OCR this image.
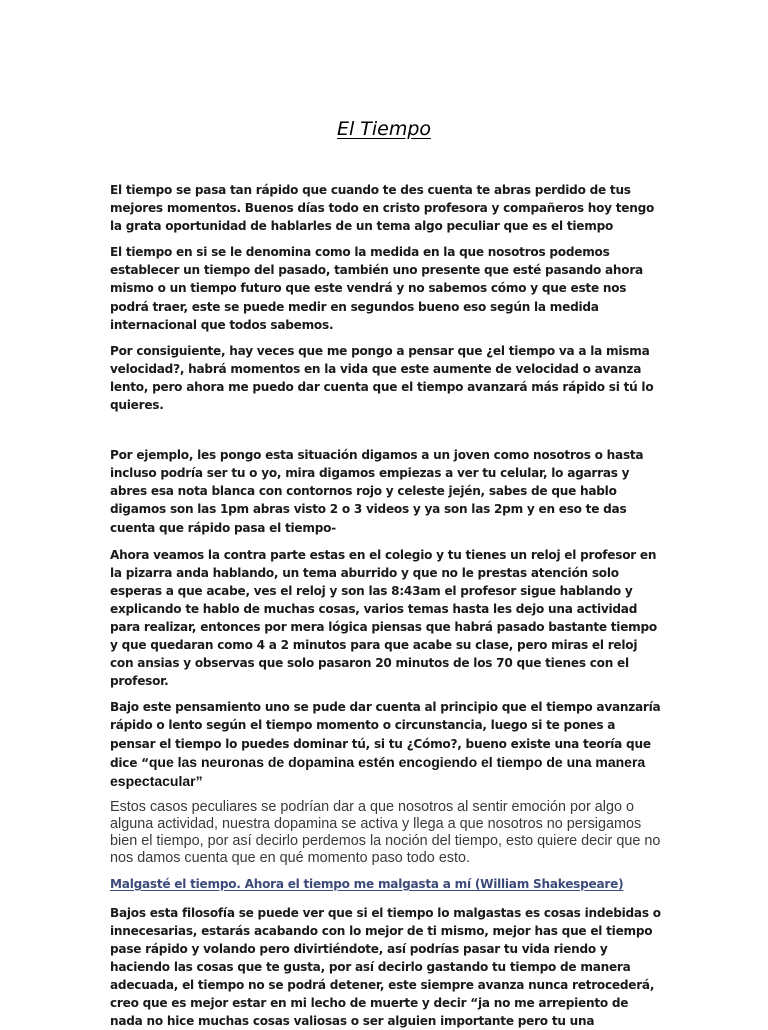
El Tiempo

El tiempo se pasa tan rápido que cuando te des cuenta te abras perdido de tus mejores momentos. Buenos días todo en cristo profesora y compañeros hoy tengo la grata oportunidad de hablarles de un tema algo peculiar que es el tiempo

El tiempo en si se le denomina como la medida en la que nosotros podemos establecer un tiempo del pasado, también uno presente que esté pasando ahora mismo o un tiempo futuro que este vendrá y no sabemos cómo y que este nos podrá traer, este se puede medir en segundos bueno eso según la medida internacional que todos sabemos.

Por consiguiente, hay veces que me pongo a pensar que ¿el tiempo va a la misma velocidad?, habrá momentos en la vida que este aumente de velocidad o avanza lento, pero ahora me puedo dar cuenta que el tiempo avanzará más rápido si tú lo quieres.

Por ejemplo, les pongo esta situación digamos a un joven como nosotros o hasta incluso podría ser tu o yo, mira digamos empiezas a ver tu celular, lo agarras y abres esa nota blanca con contornos rojo y celeste jején, sabes de que hablo digamos son las 1pm abras visto 2 o 3 videos y ya son las 2pm y en eso te das cuenta que rápido pasa el tiempo-

Ahora veamos la contra parte estas en el colegio y tu tienes un reloj el profesor en la pizarra anda hablando, un tema aburrido y que no le prestas atención solo esperas a que acabe, ves el reloj y son las 8:43am el profesor sigue hablando y explicando te hablo de muchas cosas, varios temas hasta les dejo una actividad para realizar, entonces por mera lógica piensas que habrá pasado bastante tiempo y que quedaran como 4 a 2 minutos para que acabe su clase, pero miras el reloj con ansias y observas que solo pasaron 20 minutos de los 70 que tienes con el profesor.

Bajo este pensamiento uno se pude dar cuenta al principio que el tiempo avanzaría rápido o lento según el tiempo momento o circunstancia, luego si te pones a pensar el tiempo lo puedes dominar tú, si tu ¿Cómo?, bueno existe una teoría que dice “que las neuronas de dopamina estén encogiendo el tiempo de una manera espectacular”

Estos casos peculiares se podrían dar a que nosotros al sentir emoción por algo o alguna actividad, nuestra dopamina se activa y llega a que nosotros no persigamos bien el tiempo, por así decirlo perdemos la noción del tiempo, esto quiere decir que no nos damos cuenta que en qué momento paso todo esto.

Malgasté el tiempo. Ahora el tiempo me malgasta a mí (William Shakespeare)

Bajos esta filosofía se puede ver que si el tiempo lo malgastas es cosas indebidas o innecesarias, estarás acabando con lo mejor de ti mismo, mejor has que el tiempo pase rápido y volando pero divirtiéndote, así podrías pasar tu vida riendo y haciendo las cosas que te gusta, por así decirlo gastando tu tiempo de manera adecuada, el tiempo no se podrá detener, este siempre avanza nunca retrocederá, creo que es mejor estar en mi lecho de muerte y decir “ja no me arrepiento de nada no hice muchas cosas valiosas o ser alguien importante pero tu una
